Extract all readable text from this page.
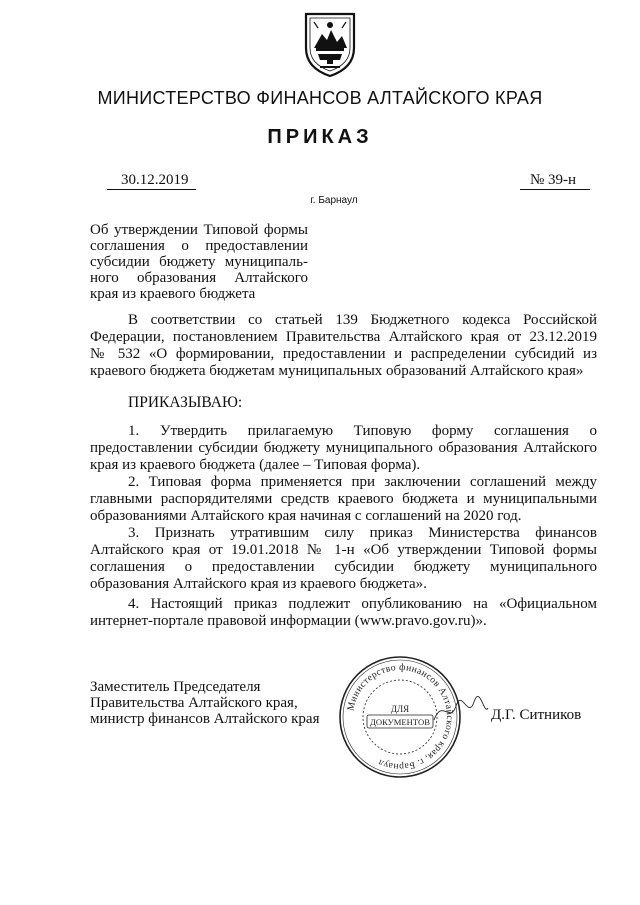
МИНИСТЕРСТВО ФИНАНСОВ АЛТАЙСКОГО КРАЯ
ПРИКАЗ
30.12.2019	№ 39-н
г. Барнаул
Об утверждении Типовой формы
соглашения о предоставлении
субсидии бюджету муниципаль-
ного образования Алтайского
края из краевого бюджета
В соответствии со статьей 139 Бюджетного кодекса Российской
Федерации, постановлением Правительства Алтайского края от 23.12.2019
№ 532 «О формировании, предоставлении и распределении субсидий из
краевого бюджета бюджетам муниципальных образований Алтайского края»
ПРИКАЗЫВАЮ:
1. Утвердить прилагаемую Типовую форму соглашения о
предоставлении субсидии бюджету муниципального образования Алтайского
края из краевого бюджета (далее – Типовая форма).
2. Типовая форма применяется при заключении соглашений между
главными распорядителями средств краевого бюджета и муниципальными
образованиями Алтайского края начиная с соглашений на 2020 год.
3. Признать утратившим силу приказ Министерства финансов
Алтайского края от 19.01.2018 № 1-н «Об утверждении Типовой формы
соглашения о предоставлении субсидии бюджету муниципального
образования Алтайского края из краевого бюджета».
4. Настоящий приказ подлежит опубликованию на «Официальном
интернет-портале правовой информации (www.pravo.gov.ru)».
Заместитель Председателя
Правительства Алтайского края,
министр финансов Алтайского края
Министерство финансов Алтайского края, г. Барнаул
ДЛЯ
ДОКУМЕНТОВ	Д.Г. Ситников
